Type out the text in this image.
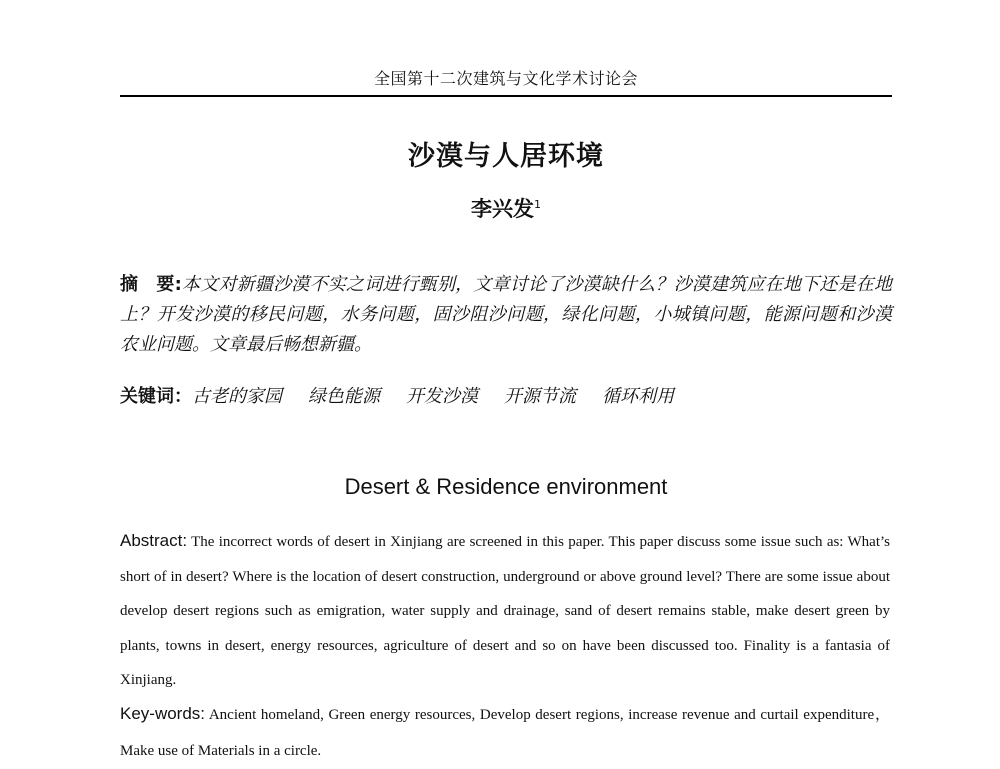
全国第十二次建筑与文化学术讨论会
沙漠与人居环境
李兴发$^1$
摘　要:本文对新疆沙漠不实之词进行甄别，文章讨论了沙漠缺什么？沙漠建筑应在地下还是在地上？开发沙漠的移民问题，水务问题，固沙阻沙问题，绿化问题，小城镇问题，能源问题和沙漠农业问题。文章最后畅想新疆。
关键词：古老的家园 绿色能源 开发沙漠 开源节流 循环利用
Desert & Residence environment
Abstract: The incorrect words of desert in Xinjiang are screened in this paper. This paper discuss some issue such as: What’s short of in desert? Where is the location of desert construction, underground or above ground level? There are some issue about develop desert regions such as emigration, water supply and drainage, sand of desert remains stable, make desert green by plants, towns in desert, energy resources, agriculture of desert and so on have been discussed too. Finality is a fantasia of Xinjiang.
Key-words: Ancient homeland, Green energy resources, Develop desert regions, increase revenue and curtail expenditure， Make use of Materials in a circle.
